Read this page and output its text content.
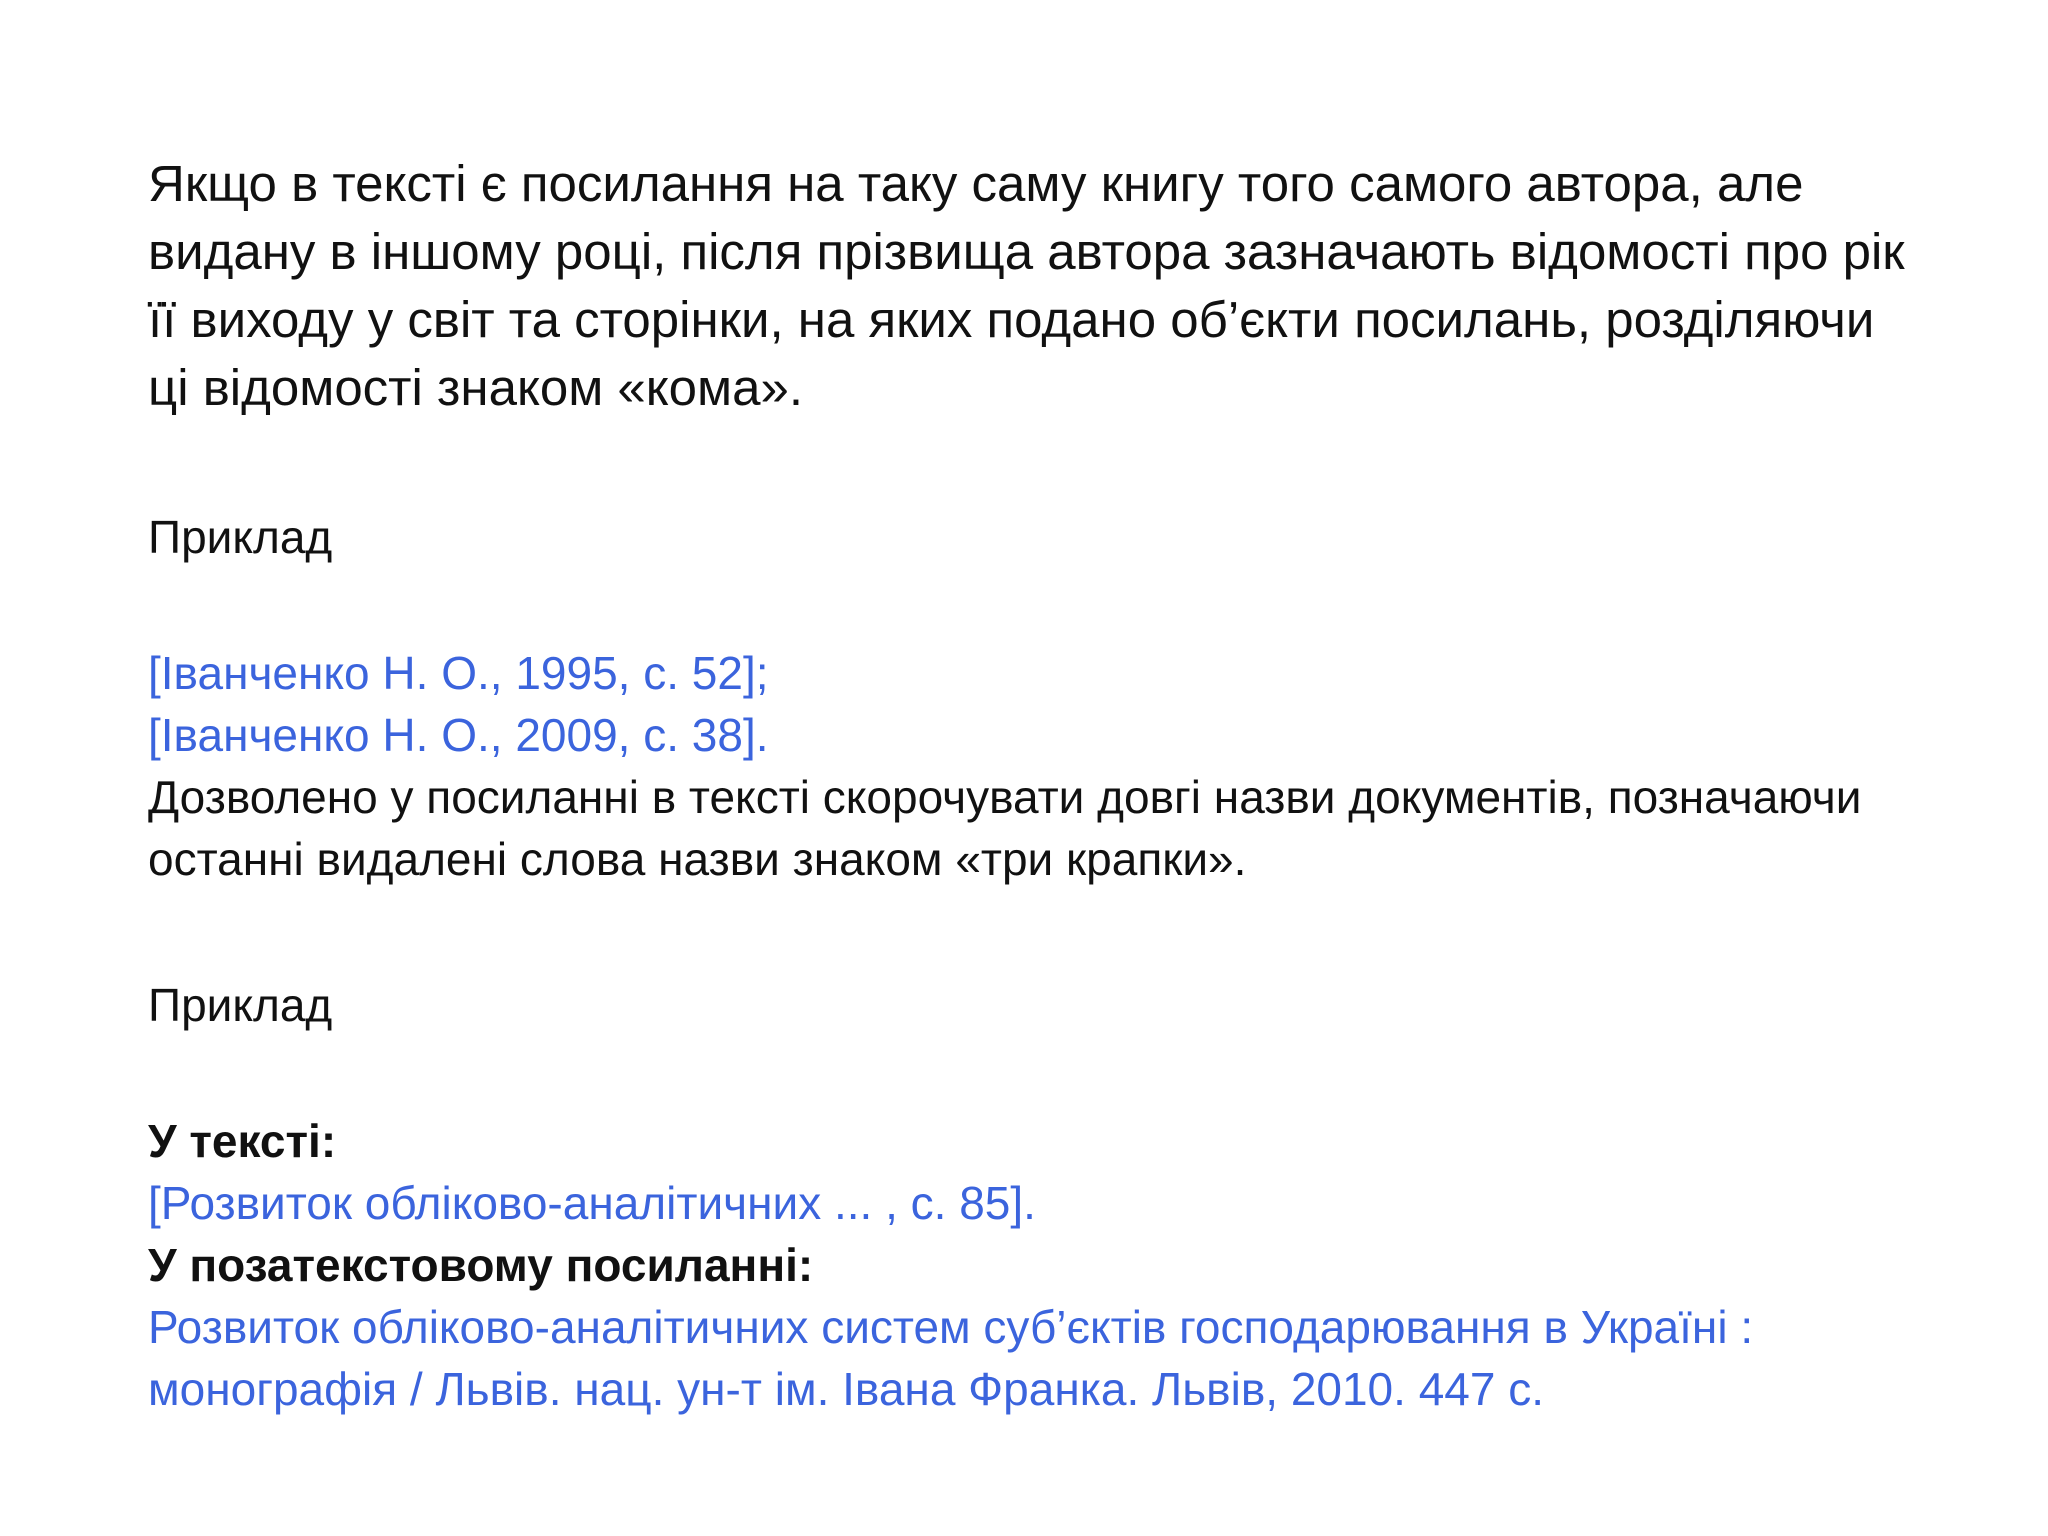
Якщо в тексті є посилання на таку саму книгу того самого автора, але видану в іншому році, після прізвища автора зазначають відомості про рік її виходу у світ та сторінки, на яких подано об’єкти посилань, розділяючи ці відомості знаком «кома».

Приклад

[Іванченко Н. О., 1995, с. 52];
[Іванченко Н. О., 2009, с. 38].

Дозволено у посиланні в тексті скорочувати довгі назви документів, позначаючи останні видалені слова назви знаком «три крапки».

Приклад

У тексті:
[Розвиток обліково-аналітичних ... , с. 85].
У позатекстовому посиланні:

Розвиток обліково-аналітичних систем суб’єктів господарювання в Україні : монографія / Львів. нац. ун-т ім. Івана Франка. Львів, 2010. 447 с.
